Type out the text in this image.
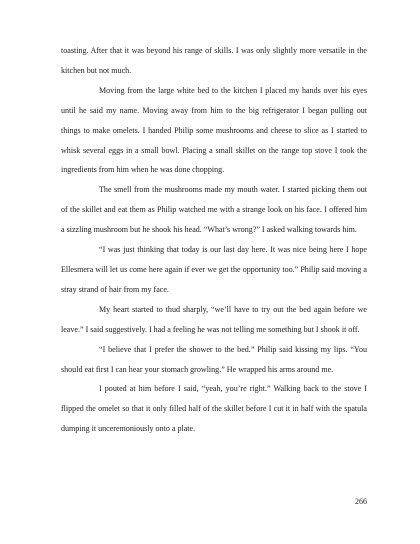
toasting. After that it was beyond his range of skills. I was only slightly more versatile in the kitchen but not much.

Moving from the large white bed to the kitchen I placed my hands over his eyes until he said my name. Moving away from him to the big refrigerator I began pulling out things to make omelets. I handed Philip some mushrooms and cheese to slice as I started to whisk several eggs in a small bowl. Placing a small skillet on the range top stove I took the ingredients from him when he was done chopping.

The smell from the mushrooms made my mouth water. I started picking them out of the skillet and eat them as Philip watched me with a strange look on his face. I offered him a sizzling mushroom but he shook his head. “What’s wrong?” I asked walking towards him.

“I was just thinking that today is our last day here. It was nice being here I hope Ellesmera will let us come here again if ever we get the opportunity too.” Philip said moving a stray strand of hair from my face.

My heart started to thud sharply, “we’ll have to try out the bed again before we leave.” I said suggestively. I had a feeling he was not telling me something but I shook it off.

“I believe that I prefer the shower to the bed.” Philip said kissing my lips. “You should eat first I can hear your stomach growling.” He wrapped his arms around me.

I pouted at him before I said, “yeah, you’re right.” Walking back to the stove I flipped the omelet so that it only filled half of the skillet before I cut it in half with the spatula dumping it unceremoniously onto a plate.

266
